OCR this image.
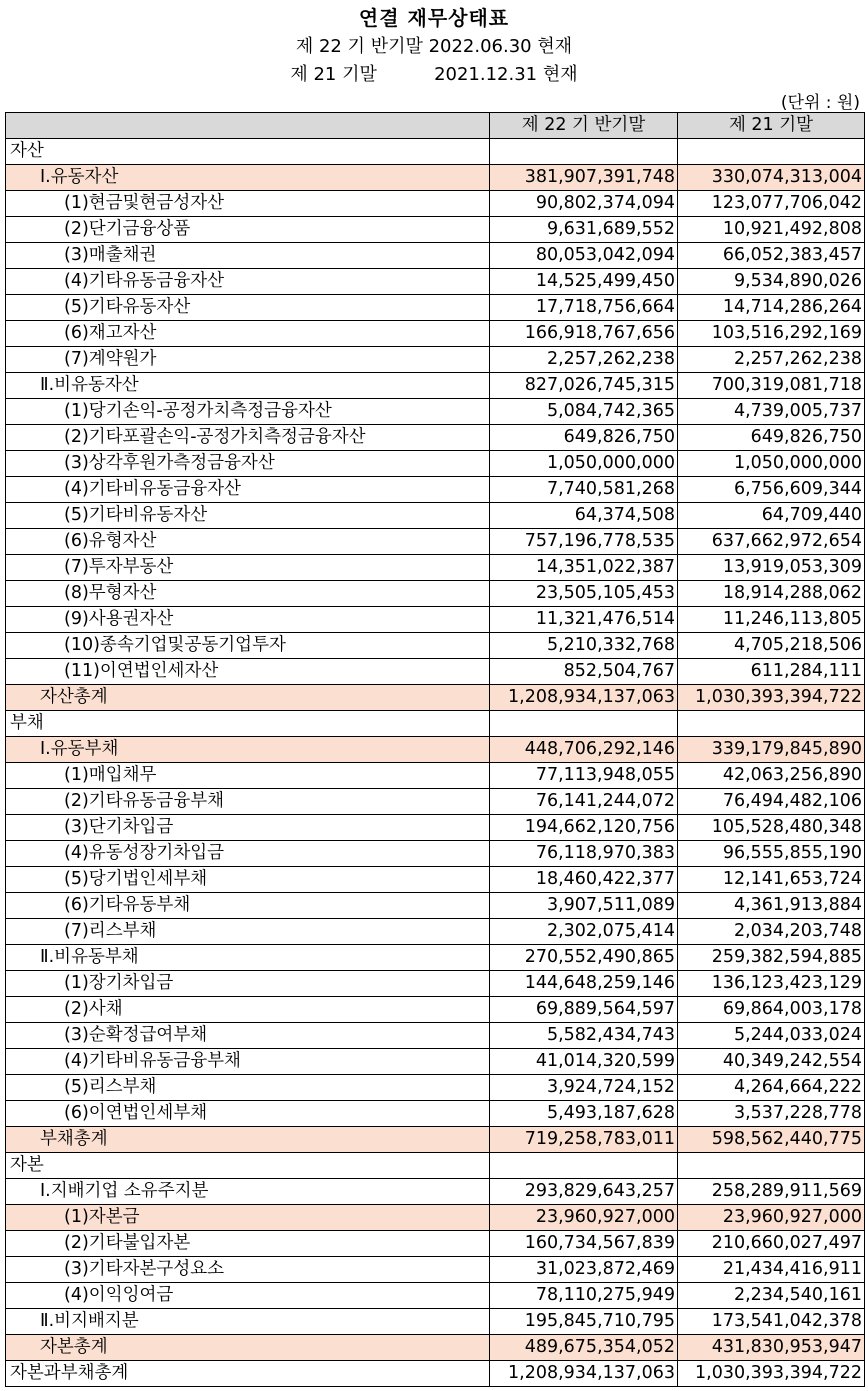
연결 재무상태표
제 22 기 반기말 2022.06.30 현재
제 21 기말          2021.12.31 현재
(단위 : 원)
	제 22 기 반기말	제 21 기말
자산		
Ⅰ.유동자산	381,907,391,748	330,074,313,004
(1)현금및현금성자산	90,802,374,094	123,077,706,042
(2)단기금융상품	9,631,689,552	10,921,492,808
(3)매출채권	80,053,042,094	66,052,383,457
(4)기타유동금융자산	14,525,499,450	9,534,890,026
(5)기타유동자산	17,718,756,664	14,714,286,264
(6)재고자산	166,918,767,656	103,516,292,169
(7)계약원가	2,257,262,238	2,257,262,238
Ⅱ.비유동자산	827,026,745,315	700,319,081,718
(1)당기손익-공정가치측정금융자산	5,084,742,365	4,739,005,737
(2)기타포괄손익-공정가치측정금융자산	649,826,750	649,826,750
(3)상각후원가측정금융자산	1,050,000,000	1,050,000,000
(4)기타비유동금융자산	7,740,581,268	6,756,609,344
(5)기타비유동자산	64,374,508	64,709,440
(6)유형자산	757,196,778,535	637,662,972,654
(7)투자부동산	14,351,022,387	13,919,053,309
(8)무형자산	23,505,105,453	18,914,288,062
(9)사용권자산	11,321,476,514	11,246,113,805
(10)종속기업및공동기업투자	5,210,332,768	4,705,218,506
(11)이연법인세자산	852,504,767	611,284,111
자산총계	1,208,934,137,063	1,030,393,394,722
부채		
Ⅰ.유동부채	448,706,292,146	339,179,845,890
(1)매입채무	77,113,948,055	42,063,256,890
(2)기타유동금융부채	76,141,244,072	76,494,482,106
(3)단기차입금	194,662,120,756	105,528,480,348
(4)유동성장기차입금	76,118,970,383	96,555,855,190
(5)당기법인세부채	18,460,422,377	12,141,653,724
(6)기타유동부채	3,907,511,089	4,361,913,884
(7)리스부채	2,302,075,414	2,034,203,748
Ⅱ.비유동부채	270,552,490,865	259,382,594,885
(1)장기차입금	144,648,259,146	136,123,423,129
(2)사채	69,889,564,597	69,864,003,178
(3)순확정급여부채	5,582,434,743	5,244,033,024
(4)기타비유동금융부채	41,014,320,599	40,349,242,554
(5)리스부채	3,924,724,152	4,264,664,222
(6)이연법인세부채	5,493,187,628	3,537,228,778
부채총계	719,258,783,011	598,562,440,775
자본		
Ⅰ.지배기업 소유주지분	293,829,643,257	258,289,911,569
(1)자본금	23,960,927,000	23,960,927,000
(2)기타불입자본	160,734,567,839	210,660,027,497
(3)기타자본구성요소	31,023,872,469	21,434,416,911
(4)이익잉여금	78,110,275,949	2,234,540,161
Ⅱ.비지배지분	195,845,710,795	173,541,042,378
자본총계	489,675,354,052	431,830,953,947
자본과부채총계	1,208,934,137,063	1,030,393,394,722
